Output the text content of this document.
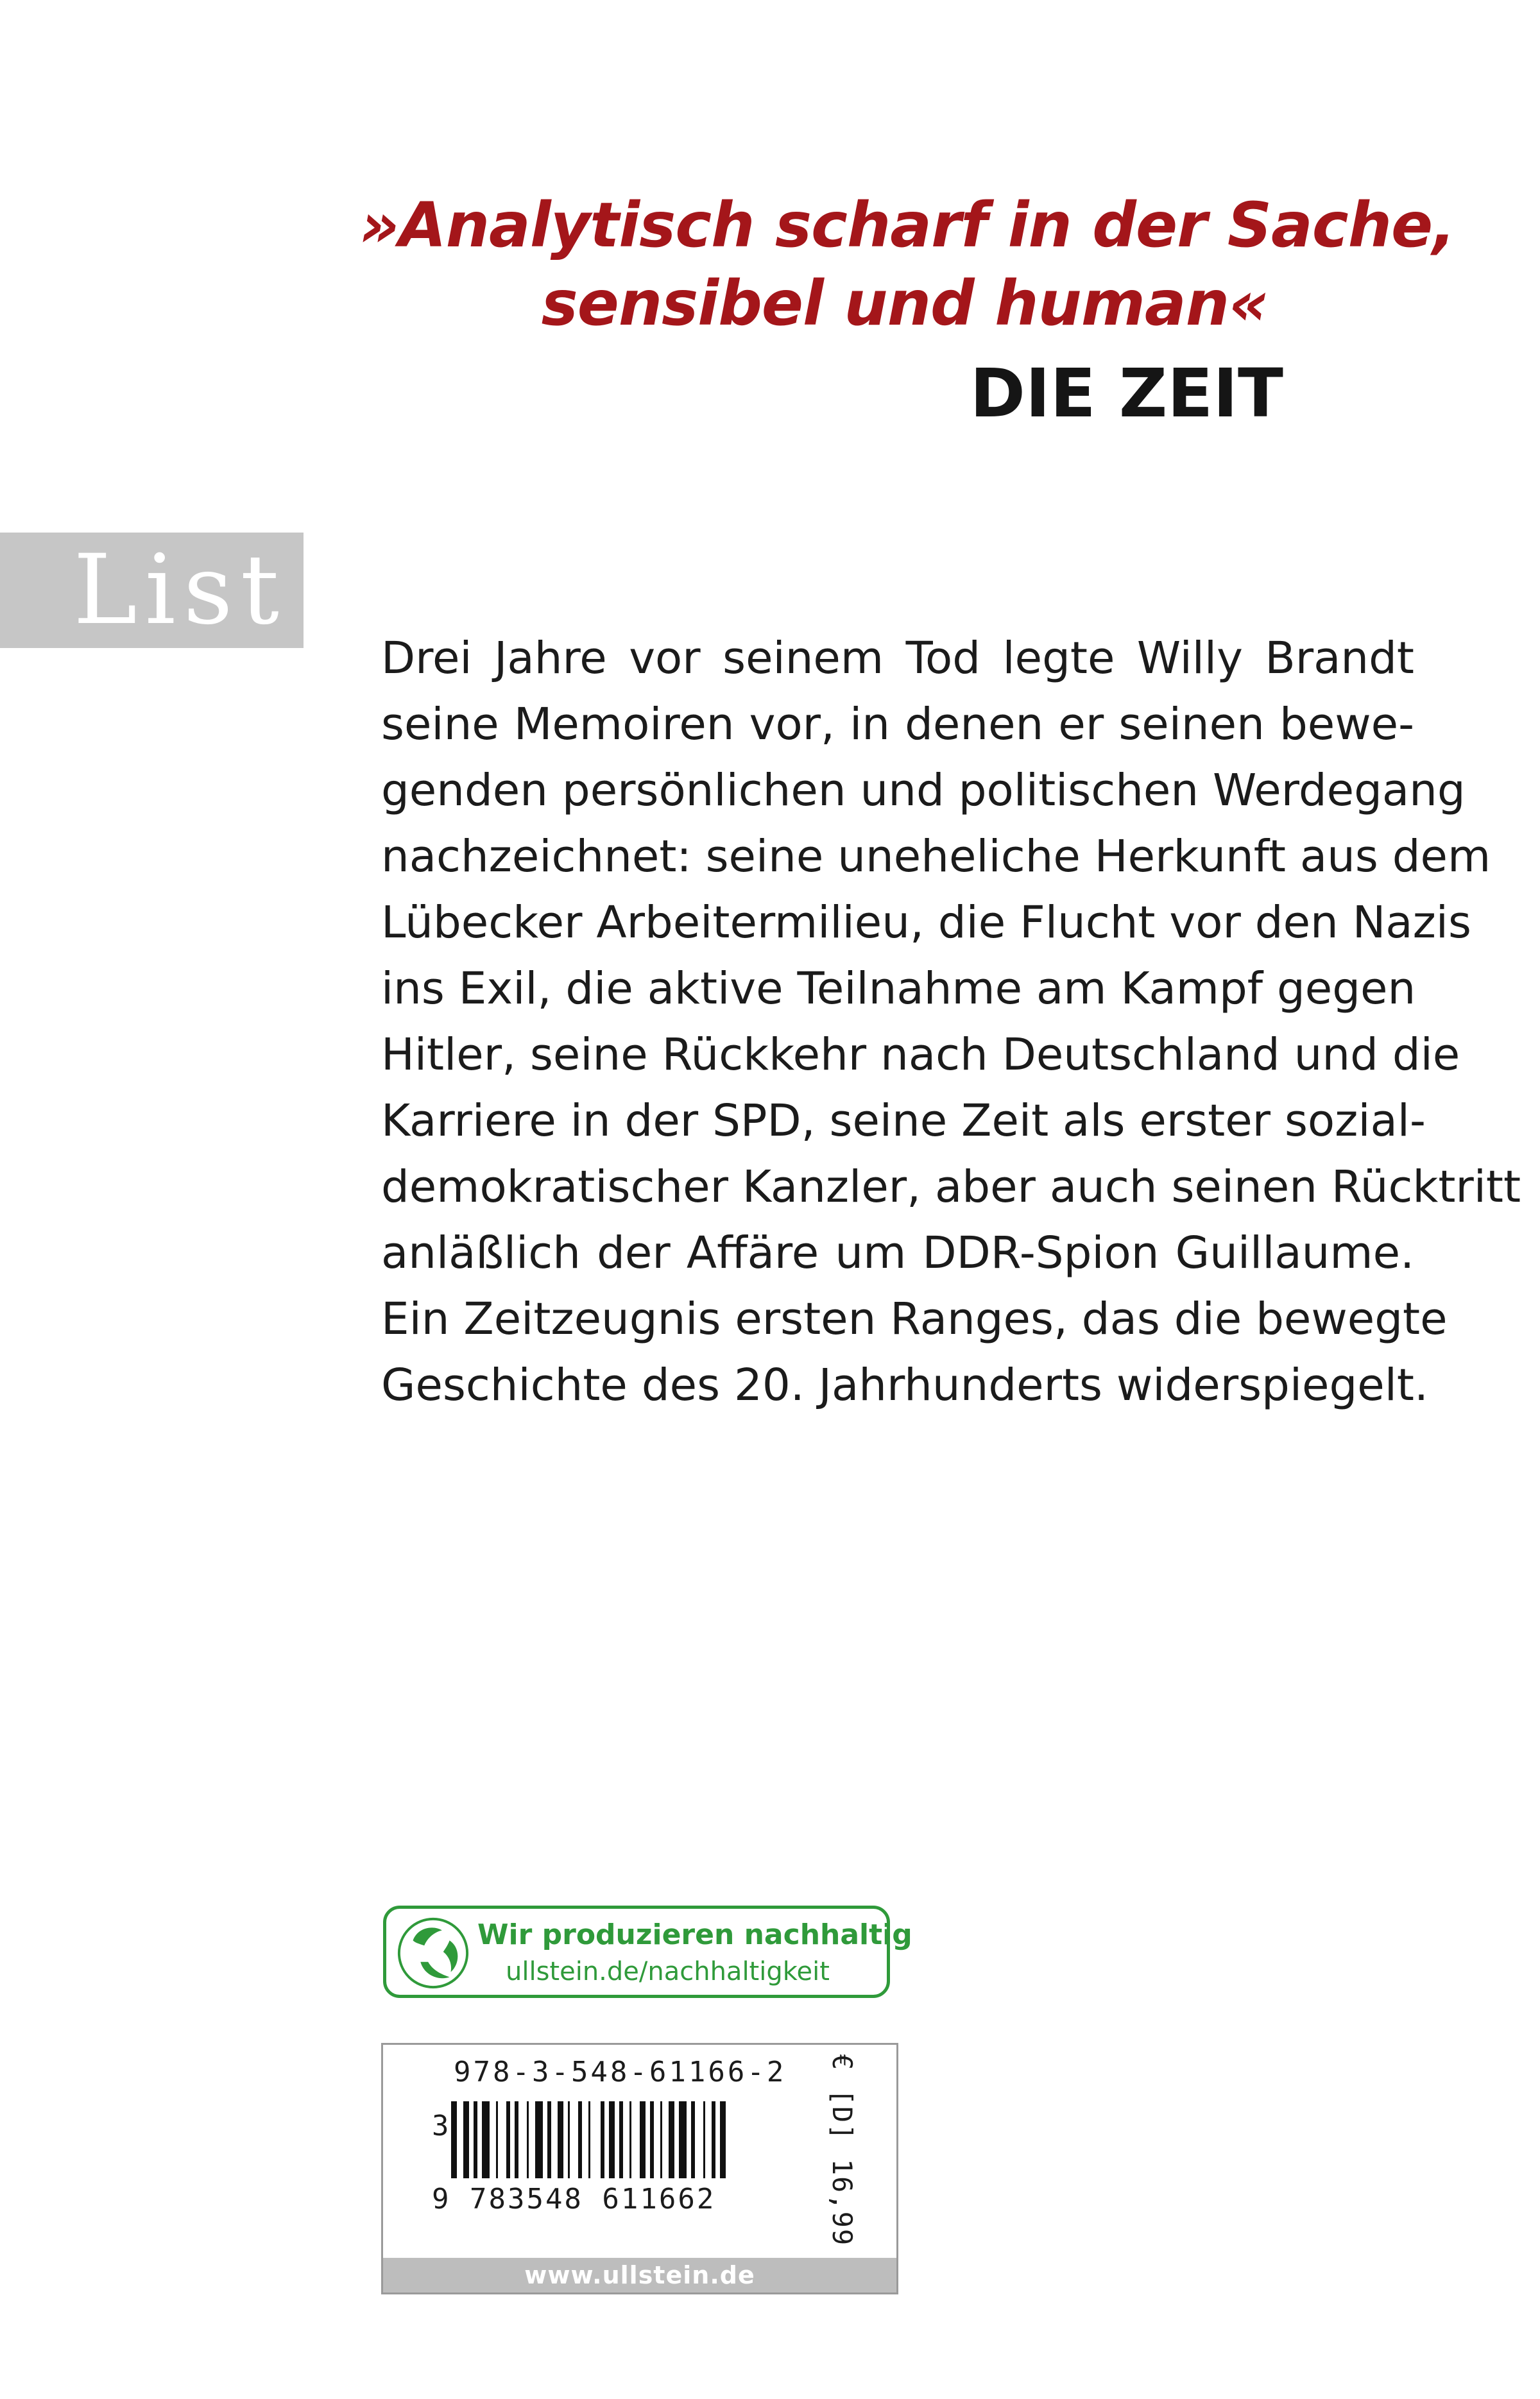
»Analytisch scharf in der Sache,
sensibel und human«
DIE ZEIT
List
Drei Jahre vor seinem Tod legte Willy Brandt
seine Memoiren vor, in denen er seinen bewe-
genden persönlichen und politischen Werdegang
nachzeichnet: seine uneheliche Herkunft aus dem
Lübecker Arbeitermilieu, die Flucht vor den Nazis
ins Exil, die aktive Teilnahme am Kampf gegen
Hitler, seine Rückkehr nach Deutschland und die
Karriere in der SPD, seine Zeit als erster sozial-
demokratischer Kanzler, aber auch seinen Rücktritt
anläßlich der Affäre um DDR-Spion Guillaume.
Ein Zeitzeugnis ersten Ranges, das die bewegte
Geschichte des 20. Jahrhunderts widerspiegelt.
Wir produzieren nachhaltig
ullstein.de/nachhaltigkeit
978-3-548-61166-2
3
9 783548 611662	€ [D] 16,99
www.ullstein.de
